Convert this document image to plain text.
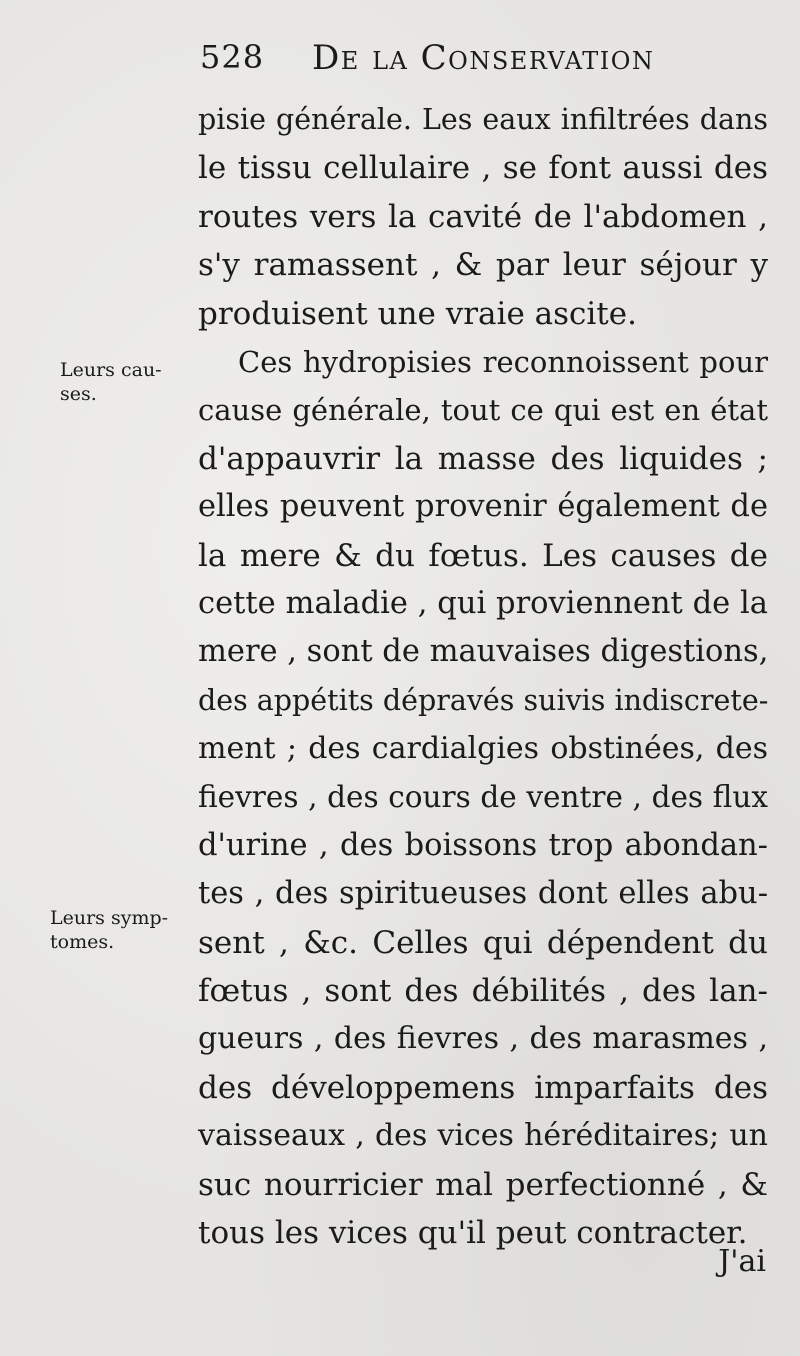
528 De la Conservation
Leurs cau-
ses.
Leurs symp-
tomes.
pisie générale. Les eaux infiltrées dans
le tissu cellulaire , se font aussi des
routes vers la cavité de l'abdomen ,
s'y ramassent , & par leur séjour y
produisent une vraie ascite.
Ces hydropisies reconnoissent pour
cause générale, tout ce qui est en état
d'appauvrir la masse des liquides ;
elles peuvent provenir également de
la mere & du fœtus. Les causes de
cette maladie , qui proviennent de la
mere , sont de mauvaises digestions,
des appétits dépravés suivis indiscrete-
ment ; des cardialgies obstinées, des
fievres , des cours de ventre , des flux
d'urine , des boissons trop abondan-
tes , des spiritueuses dont elles abu-
sent , &c. Celles qui dépendent du
fœtus , sont des débilités , des lan-
gueurs , des fievres , des marasmes ,
des développemens imparfaits des
vaisseaux , des vices héréditaires; un
suc nourricier mal perfectionné , &
tous les vices qu'il peut contracter.
J'ai
